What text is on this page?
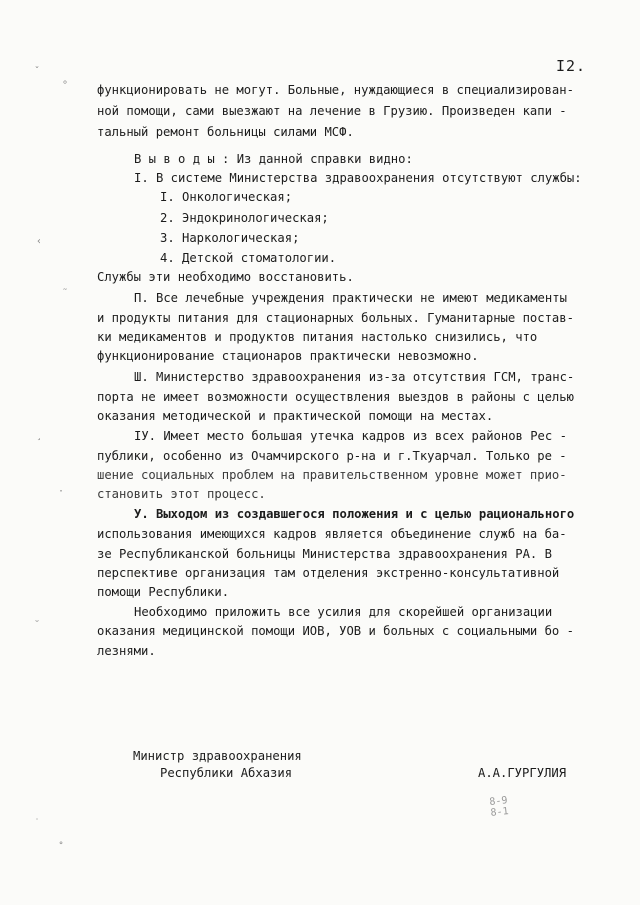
I2.
функционировать не могут. Больные, нуждающиеся в специализирован-
ной помощи, сами выезжают на лечение в Грузию. Произведен капи -
тальный ремонт больницы силами МСФ.
В ы в о д ы : Из данной справки видно:
I. В системе Министерства здравоохранения отсутствуют службы:
I. Онкологическая;
2. Эндокринологическая;
3. Наркологическая;
4. Детской стоматологии.
Службы эти необходимо восстановить.
П. Все лечебные учреждения практически не имеют медикаменты
и продукты питания для стационарных больных. Гуманитарные постав-
ки медикаментов и продуктов питания настолько снизились, что
функционирование стационаров практически невозможно.
Ш. Министерство здравоохранения из-за отсутствия ГСМ, транс-
порта не имеет возможности осуществления выездов в районы с целью
оказания методической и практической помощи на местах.
IУ. Имеет место большая утечка кадров из всех районов Рес -
публики, особенно из Очамчирского р-на и г.Ткуарчал. Только ре -
шение социальных проблем на правительственном уровне может прио-
становить этот процесс.
У. Выходом из создавшегося положения и с целью рационального
использования имеющихся кадров является объединение служб на ба-
зе Республиканской больницы Министерства здравоохранения РА. В
перспективе организация там отделения экстренно-консультативной
помощи Республики.
Необходимо приложить все усилия для скорейшей организации
оказания медицинской помощи ИОВ, УОВ и больных с социальными бо -
лезнями.
Министр здравоохранения
Республики Абхазия	А.А.ГУРГУЛИЯ
8-9
8-1
ˇ
°
‹
˜
¸
·
˘
˙
˚
